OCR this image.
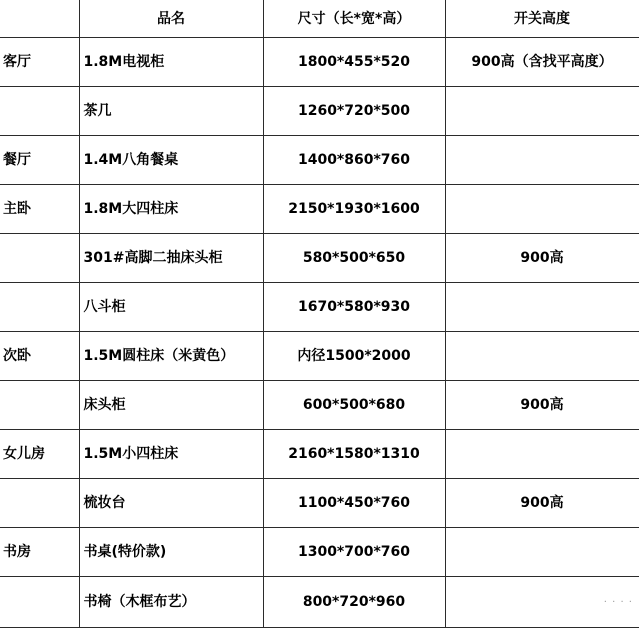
	品名	尺寸（长*宽*高）	开关高度
客厅	1.8M电视柜	1800*455*520	900高（含找平高度）
	茶几	1260*720*500	
餐厅	1.4M八角餐桌	1400*860*760	
主卧	1.8M大四柱床	2150*1930*1600	
	301#高脚二抽床头柜	580*500*650	900高
	八斗柜	1670*580*930	
次卧	1.5M圆柱床（米黄色）	内径1500*2000	
	床头柜	600*500*680	900高
女儿房	1.5M小四柱床	2160*1580*1310	
	梳妆台	1100*450*760	900高
书房	书桌(特价款)	1300*700*760	
	书椅（木框布艺）	800*720*960		· · · ·
